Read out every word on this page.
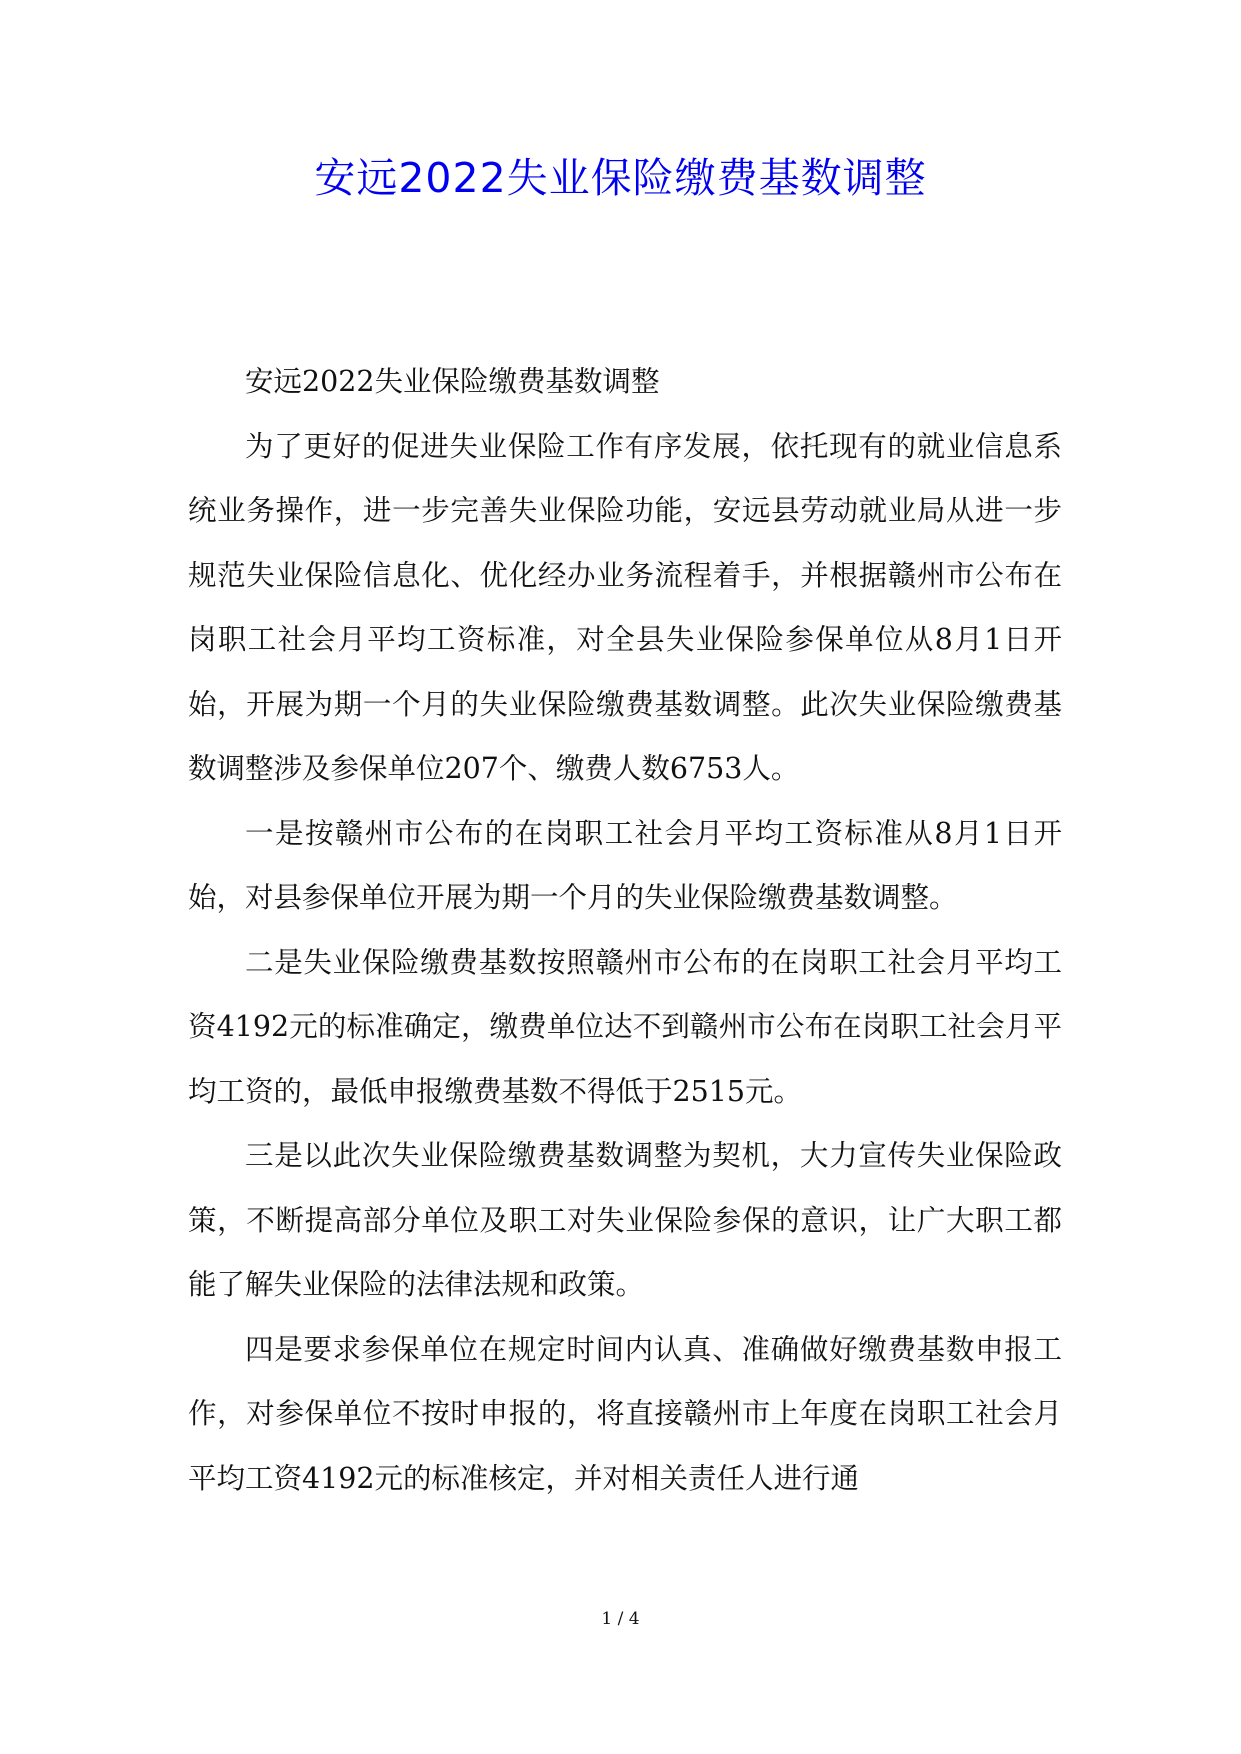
安远2022失业保险缴费基数调整

安远2022失业保险缴费基数调整

为了更好的促进失业保险工作有序发展，依托现有的就业信息系统业务操作，进一步完善失业保险功能，安远县劳动就业局从进一步规范失业保险信息化、优化经办业务流程着手，并根据赣州市公布在岗职工社会月平均工资标准，对全县失业保险参保单位从8月1日开始，开展为期一个月的失业保险缴费基数调整。此次失业保险缴费基数调整涉及参保单位207个、缴费人数6753人。

一是按赣州市公布的在岗职工社会月平均工资标准从8月1日开始，对县参保单位开展为期一个月的失业保险缴费基数调整。

二是失业保险缴费基数按照赣州市公布的在岗职工社会月平均工资4192元的标准确定，缴费单位达不到赣州市公布在岗职工社会月平均工资的，最低申报缴费基数不得低于2515元。

三是以此次失业保险缴费基数调整为契机，大力宣传失业保险政策，不断提高部分单位及职工对失业保险参保的意识，让广大职工都能了解失业保险的法律法规和政策。

四是要求参保单位在规定时间内认真、准确做好缴费基数申报工作，对参保单位不按时申报的，将直接赣州市上年度在岗职工社会月平均工资4192元的标准核定，并对相关责任人进行通

1 / 4
